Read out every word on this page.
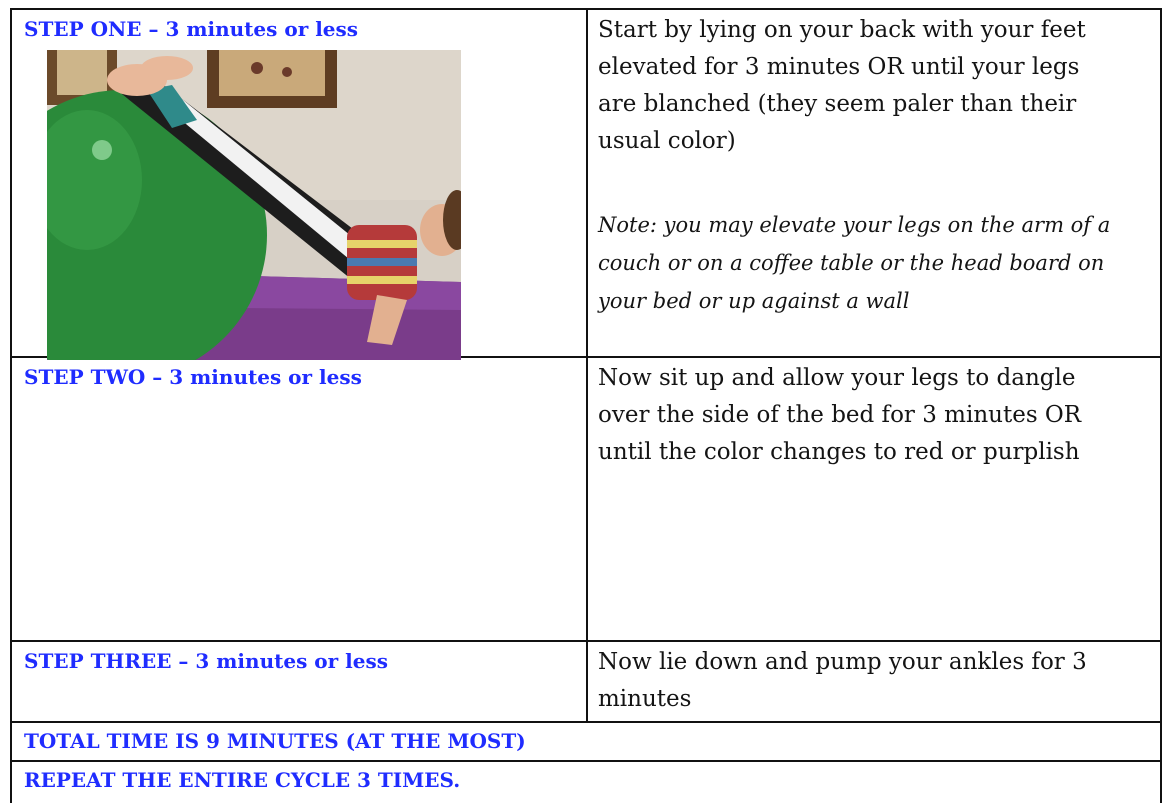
STEP ONE – 3 minutes or less	Start by lying on your back with your feet
elevated for 3 minutes OR until your legs
are blanched (they seem paler than their
usual color)
Note: you may elevate your legs on the arm of a
couch or on a coffee table or the head board on
your bed or up against a wall
STEP TWO – 3 minutes or less	Now sit up and allow your legs to dangle
over the side of the bed for 3 minutes OR
until the color changes to red or purplish
STEP THREE – 3 minutes or less	Now lie down and pump your ankles for 3
minutes
TOTAL TIME IS 9 MINUTES (AT THE MOST)
REPEAT THE ENTIRE CYCLE 3 TIMES.
